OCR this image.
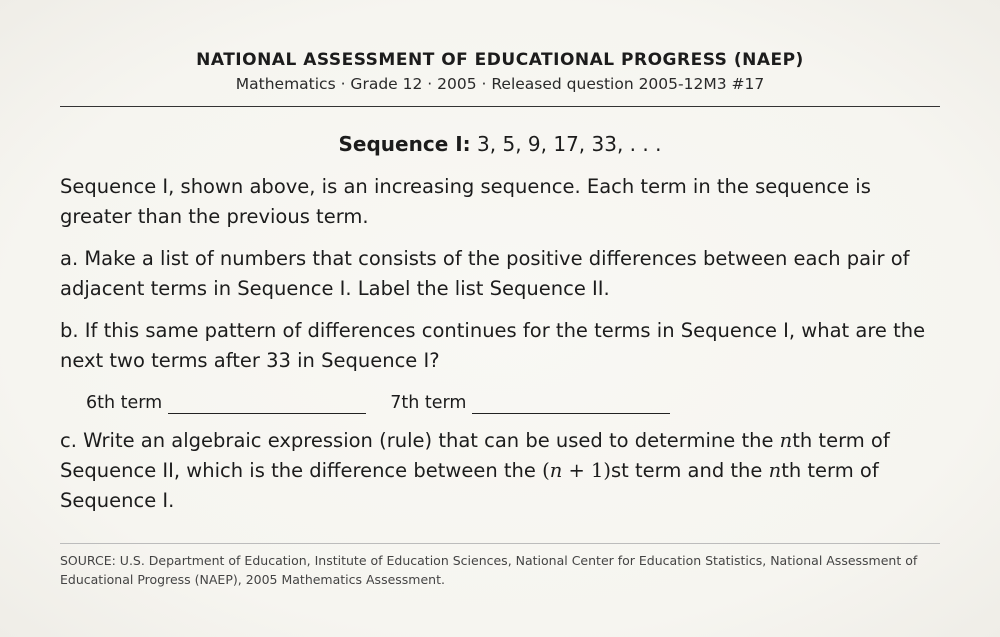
NATIONAL ASSESSMENT OF EDUCATIONAL PROGRESS (NAEP)
Mathematics · Grade 12 · 2005 · Released question 2005-12M3 #17
Sequence I: 3, 5, 9, 17, 33, . . .
Sequence I, shown above, is an increasing sequence. Each term in the sequence is greater than the previous term.
a. Make a list of numbers that consists of the positive differences between each pair of adjacent terms in Sequence I. Label the list Sequence II.
b. If this same pattern of differences continues for the terms in Sequence I, what are the next two terms after 33 in Sequence I?
6th term	7th term
c. Write an algebraic expression (rule) that can be used to determine the nth term of Sequence II, which is the difference between the (n + 1)st term and the nth term of Sequence I.
SOURCE: U.S. Department of Education, Institute of Education Sciences, National Center for Education Statistics, National Assessment of Educational Progress (NAEP), 2005 Mathematics Assessment.
